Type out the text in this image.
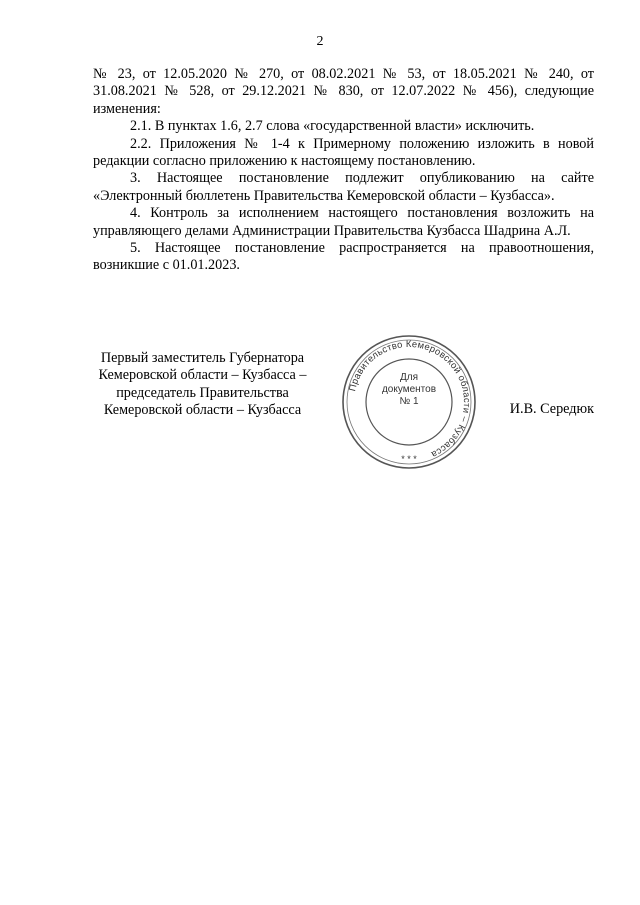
2

№ 23, от 12.05.2020 № 270, от 08.02.2021 № 53, от 18.05.2021 № 240, от
31.08.2021 № 528, от 29.12.2021 № 830, от 12.07.2022 № 456), следующие
изменения:

2.1. В пунктах 1.6, 2.7 слова «государственной власти» исключить.

2.2. Приложения № 1-4 к Примерному положению изложить в новой редакции согласно приложению к настоящему постановлению.

3. Настоящее постановление подлежит опубликованию на сайте «Электронный бюллетень Правительства Кемеровской области – Кузбасса».

4. Контроль за исполнением настоящего постановления возложить на управляющего делами Администрации Правительства Кузбасса Шадрина А.Л.

5. Настоящее постановление распространяется на правоотношения, возникшие с 01.01.2023.

Первый заместитель Губернатора
Кемеровской области – Кузбасса –
председатель Правительства
Кемеровской области – Кузбасса
Правительство Кемеровской области – Кузбасса
* * *
Для
документов
№ 1	И.В. Середюк
